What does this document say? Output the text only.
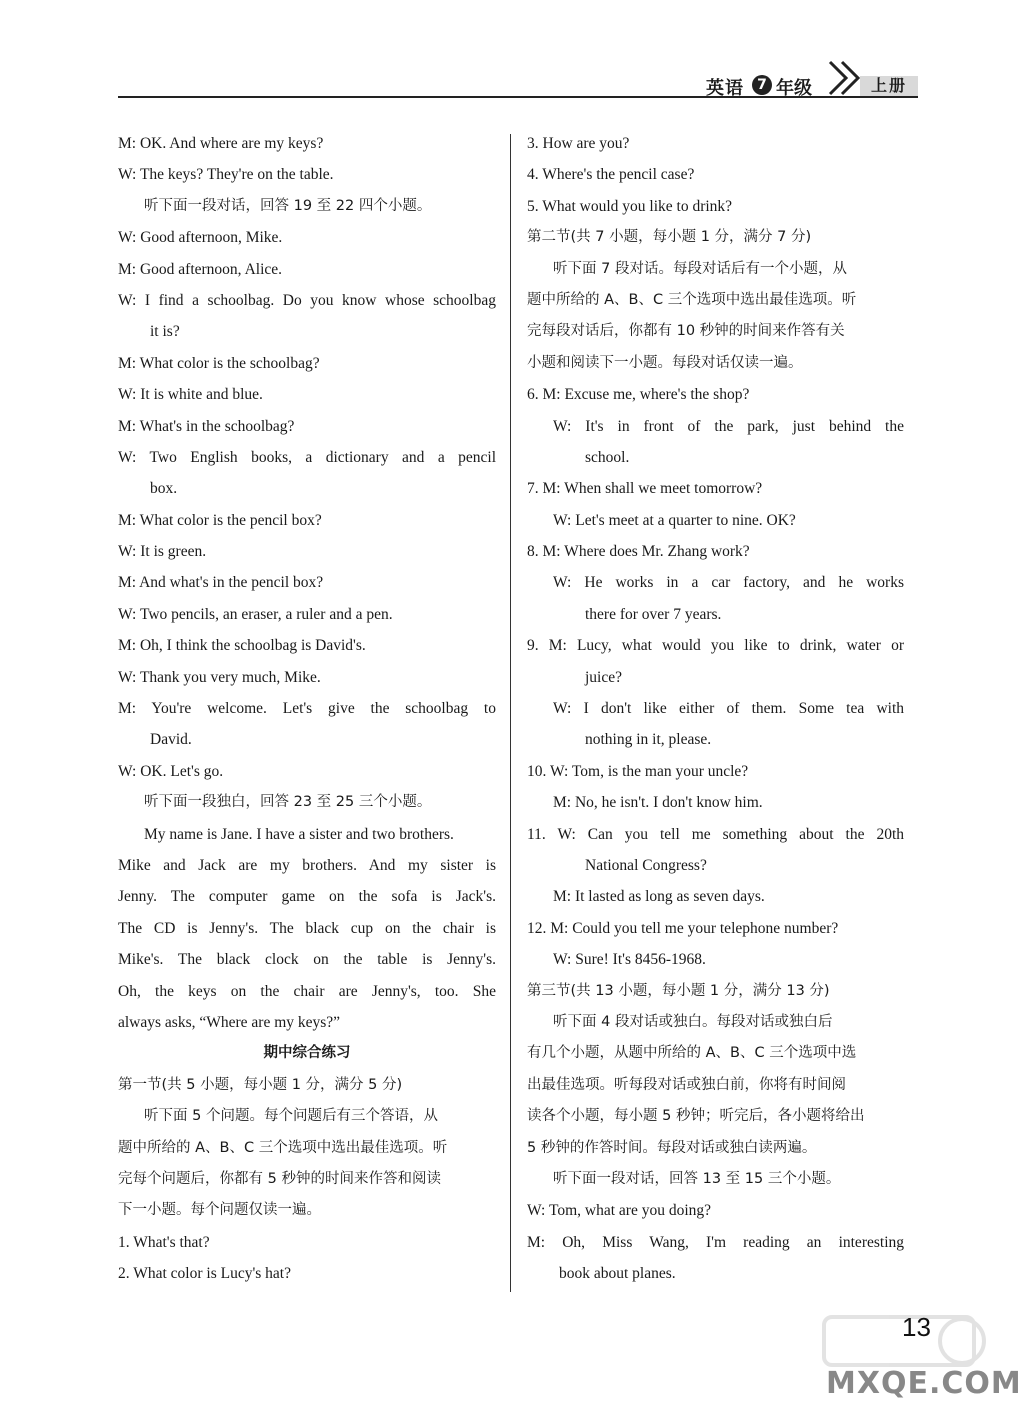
英语 7 年级	上册
M: OK. And where are my keys?
W: The keys? They're on the table.
听下面一段对话，回答 19 至 22 四个小题。
W: Good afternoon, Mike.
M: Good afternoon, Alice.
W: I find a schoolbag. Do you know whose schoolbag
it is?
M: What color is the schoolbag?
W: It is white and blue.
M: What's in the schoolbag?
W: Two English books, a dictionary and a pencil
box.
M: What color is the pencil box?
W: It is green.
M: And what's in the pencil box?
W: Two pencils, an eraser, a ruler and a pen.
M: Oh, I think the schoolbag is David's.
W: Thank you very much, Mike.
M: You're welcome. Let's give the schoolbag to
David.
W: OK. Let's go.
听下面一段独白，回答 23 至 25 三个小题。
My name is Jane. I have a sister and two brothers.
Mike and Jack are my brothers. And my sister is
Jenny. The computer game on the sofa is Jack's.
The CD is Jenny's. The black cup on the chair is
Mike's. The black clock on the table is Jenny's.
Oh, the keys on the chair are Jenny's, too. She
always asks, “Where are my keys?”
期中综合练习
第一节(共 5 小题，每小题 1 分，满分 5 分)
听下面 5 个问题。每个问题后有三个答语，从
题中所给的 A、B、C 三个选项中选出最佳选项。听
完每个问题后，你都有 5 秒钟的时间来作答和阅读
下一小题。每个问题仅读一遍。
1. What's that?
2. What color is Lucy's hat?
3. How are you?
4. Where's the pencil case?
5. What would you like to drink?
第二节(共 7 小题，每小题 1 分，满分 7 分)
听下面 7 段对话。每段对话后有一个小题，从
题中所给的 A、B、C 三个选项中选出最佳选项。听
完每段对话后，你都有 10 秒钟的时间来作答有关
小题和阅读下一小题。每段对话仅读一遍。
6. M: Excuse me, where's the shop?
W: It's in front of the park, just behind the
school.
7. M: When shall we meet tomorrow?
W: Let's meet at a quarter to nine. OK?
8. M: Where does Mr. Zhang work?
W: He works in a car factory, and he works
there for over 7 years.
9. M: Lucy, what would you like to drink, water or
juice?
W: I don't like either of them. Some tea with
nothing in it, please.
10. W: Tom, is the man your uncle?
M: No, he isn't. I don't know him.
11. W: Can you tell me something about the 20th
National Congress?
M: It lasted as long as seven days.
12. M: Could you tell me your telephone number?
W: Sure! It's 8456-1968.
第三节(共 13 小题，每小题 1 分，满分 13 分)
听下面 4 段对话或独白。每段对话或独白后
有几个小题，从题中所给的 A、B、C 三个选项中选
出最佳选项。听每段对话或独白前，你将有时间阅
读各个小题，每小题 5 秒钟；听完后，各小题将给出
5 秒钟的作答时间。每段对话或独白读两遍。
听下面一段对话，回答 13 至 15 三个小题。
W: Tom, what are you doing?
M: Oh, Miss Wang, I'm reading an interesting
book about planes.
MXQE.COM
13
